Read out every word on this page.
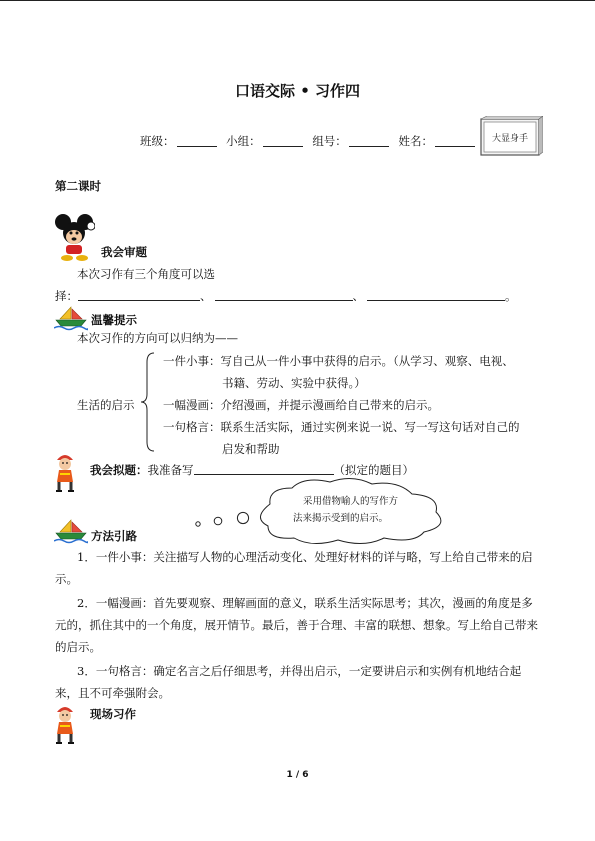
口语交际 • 习作四
班级：	小组：	组号：	姓名：	大显身手
第二课时
我会审题
本次习作有三个角度可以选
择：	、	、	。
温馨提示
本次习作的方向可以归纳为——
生活的启示
一件小事：写自己从一件小事中获得的启示。（从学习、观察、电视、
书籍、劳动、实验中获得。）
一幅漫画：介绍漫画，并提示漫画给自己带来的启示。
一句格言：联系生活实际，通过实例来说一说、写一写这句话对自己的
启发和帮助
我会拟题：我准备写	（拟定的题目）
采用借物喻人的写作方
法来揭示受到的启示。
方法引路
1．一件小事：关注描写人物的心理活动变化、处理好材料的详与略，写上给自己带来的启示。
2．一幅漫画：首先要观察、理解画面的意义，联系生活实际思考；其次，漫画的角度是多元的，抓住其中的一个角度，展开情节。最后，善于合理、丰富的联想、想象。写上给自己带来的启示。
3．一句格言：确定名言之后仔细思考，并得出启示，一定要讲启示和实例有机地结合起来，且不可牵强附会。
现场习作
1 / 6
